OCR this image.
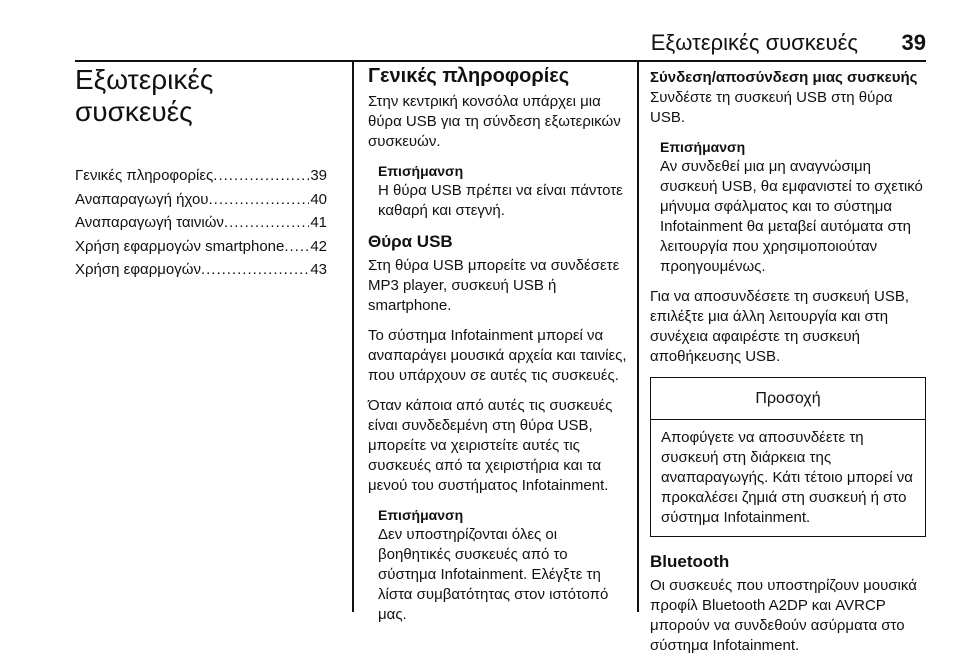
Εξωτερικές συσκευές	39
Εξωτερικές
συσκευές
Γενικές πληροφορίες .....	39
Αναπαραγωγή ήχου .....	40
Αναπαραγωγή ταινιών .....	41
Χρήση εφαρμογών smartphone ..... 42
Χρήση εφαρμογών .....	43
Γενικές πληροφορίες

Στην κεντρική κονσόλα υπάρχει μια θύρα USB για τη σύνδεση εξωτερικών συσκευών.

Επισήμανση
Η θύρα USB πρέπει να είναι πάντοτε καθαρή και στεγνή.
Θύρα USB

Στη θύρα USB μπορείτε να συνδέσετε MP3 player, συσκευή USB ή smartphone.

Το σύστημα Infotainment μπορεί να αναπαράγει μουσικά αρχεία και ταινίες, που υπάρχουν σε αυτές τις συσκευές.

Όταν κάποια από αυτές τις συσκευές είναι συνδεδεμένη στη θύρα USB, μπορείτε να χειριστείτε αυτές τις συσκευές από τα χειριστήρια και τα μενού του συστήματος Infotainment.

Επισήμανση
Δεν υποστηρίζονται όλες οι βοηθητικές συσκευές από το σύστημα Infotainment. Ελέγξτε τη λίστα συμβατότητας στον ιστότοπό μας.
Σύνδεση/αποσύνδεση μιας συσκευής

Συνδέστε τη συσκευή USB στη θύρα USB.

Επισήμανση
Αν συνδεθεί μια μη αναγνώσιμη συσκευή USB, θα εμφανιστεί το σχετικό μήνυμα σφάλματος και το σύστημα Infotainment θα μεταβεί αυτόματα στη λειτουργία που χρησιμοποιούταν προηγουμένως.

Για να αποσυνδέσετε τη συσκευή USB, επιλέξτε μια άλλη λειτουργία και στη συνέχεια αφαιρέστε τη συσκευή αποθήκευσης USB.

Προσοχή
Αποφύγετε να αποσυνδέετε τη συσκευή στη διάρκεια της αναπαραγωγής. Κάτι τέτοιο μπορεί να προκαλέσει ζημιά στη συσκευή ή στο σύστημα Infotainment.
Bluetooth

Οι συσκευές που υποστηρίζουν μουσικά προφίλ Bluetooth A2DP και AVRCP μπορούν να συνδεθούν ασύρματα στο σύστημα Infotainment.
